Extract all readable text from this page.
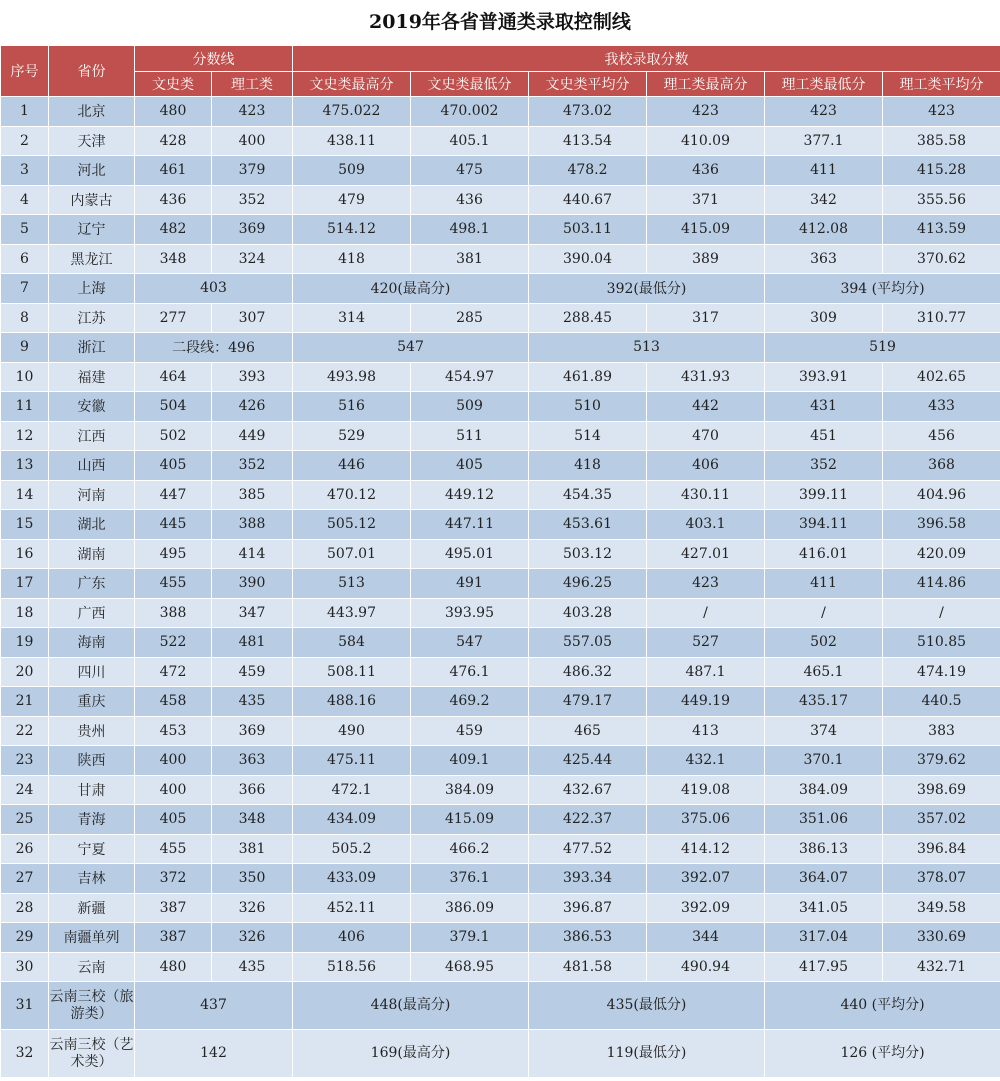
2019年各省普通类录取控制线
序号	省份	分数线		我校录取分数					
		文史类	理工类	文史类最高分	文史类最低分	文史类平均分	理工类最高分	理工类最低分	理工类平均分
1	北京	480	423	475.022	470.002	473.02	423	423	423
2	天津	428	400	438.11	405.1	413.54	410.09	377.1	385.58
3	河北	461	379	509	475	478.2	436	411	415.28
4	内蒙古	436	352	479	436	440.67	371	342	355.56
5	辽宁	482	369	514.12	498.1	503.11	415.09	412.08	413.59
6	黑龙江	348	324	418	381	390.04	389	363	370.62
7	上海	403		420(最高分)		392(最低分)		394 (平均分)	
8	江苏	277	307	314	285	288.45	317	309	310.77
9	浙江	二段线：496		547		513		519	
10	福建	464	393	493.98	454.97	461.89	431.93	393.91	402.65
11	安徽	504	426	516	509	510	442	431	433
12	江西	502	449	529	511	514	470	451	456
13	山西	405	352	446	405	418	406	352	368
14	河南	447	385	470.12	449.12	454.35	430.11	399.11	404.96
15	湖北	445	388	505.12	447.11	453.61	403.1	394.11	396.58
16	湖南	495	414	507.01	495.01	503.12	427.01	416.01	420.09
17	广东	455	390	513	491	496.25	423	411	414.86
18	广西	388	347	443.97	393.95	403.28	/	/	/
19	海南	522	481	584	547	557.05	527	502	510.85
20	四川	472	459	508.11	476.1	486.32	487.1	465.1	474.19
21	重庆	458	435	488.16	469.2	479.17	449.19	435.17	440.5
22	贵州	453	369	490	459	465	413	374	383
23	陕西	400	363	475.11	409.1	425.44	432.1	370.1	379.62
24	甘肃	400	366	472.1	384.09	432.67	419.08	384.09	398.69
25	青海	405	348	434.09	415.09	422.37	375.06	351.06	357.02
26	宁夏	455	381	505.2	466.2	477.52	414.12	386.13	396.84
27	吉林	372	350	433.09	376.1	393.34	392.07	364.07	378.07
28	新疆	387	326	452.11	386.09	396.87	392.09	341.05	349.58
29	南疆单列	387	326	406	379.1	386.53	344	317.04	330.69
30	云南	480	435	518.56	468.95	481.58	490.94	417.95	432.71
31	云南三校（旅游类）	437		448(最高分)		435(最低分)		440 (平均分)	
32	云南三校（艺术类）	142		169(最高分)		119(最低分)		126 (平均分)	
